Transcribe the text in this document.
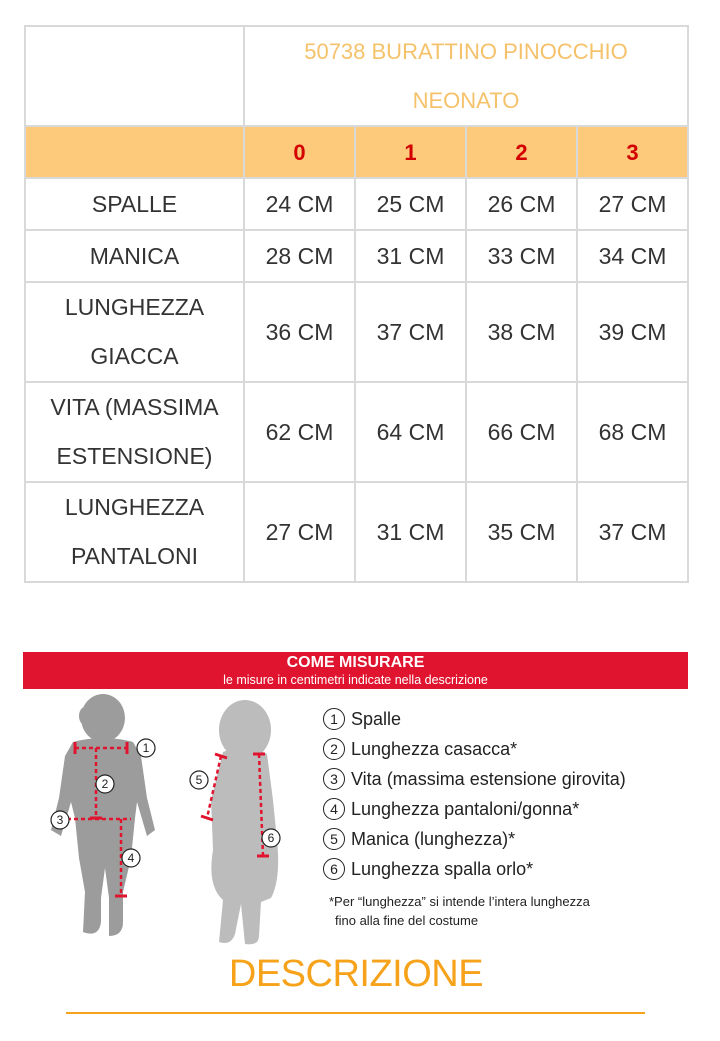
	50738 BURATTINO PINOCCHIO
NEONATO			

	0	1	2	3
SPALLE	24 CM	25 CM	26 CM	27 CM
MANICA	28 CM	31 CM	33 CM	34 CM

LUNGHEZZA
GIACCA	36 CM	37 CM	38 CM	39 CM

VITA (MASSIMA
ESTENSIONE)	62 CM	64 CM	66 CM	68 CM

LUNGHEZZA
PANTALONI	27 CM	31 CM	35 CM	37 CM
COME MISURARE
le misure in centimetri indicate nella descrizione
1
2
3
4
5
6
1 Spalle
2 Lunghezza casacca*
3 Vita (massima estensione girovita)
4 Lunghezza pantaloni/gonna*
5 Manica (lunghezza)*
6 Lunghezza spalla orlo*
*Per “lunghezza” si intende l’intera lunghezza
fino alla fine del costume
DESCRIZIONE
